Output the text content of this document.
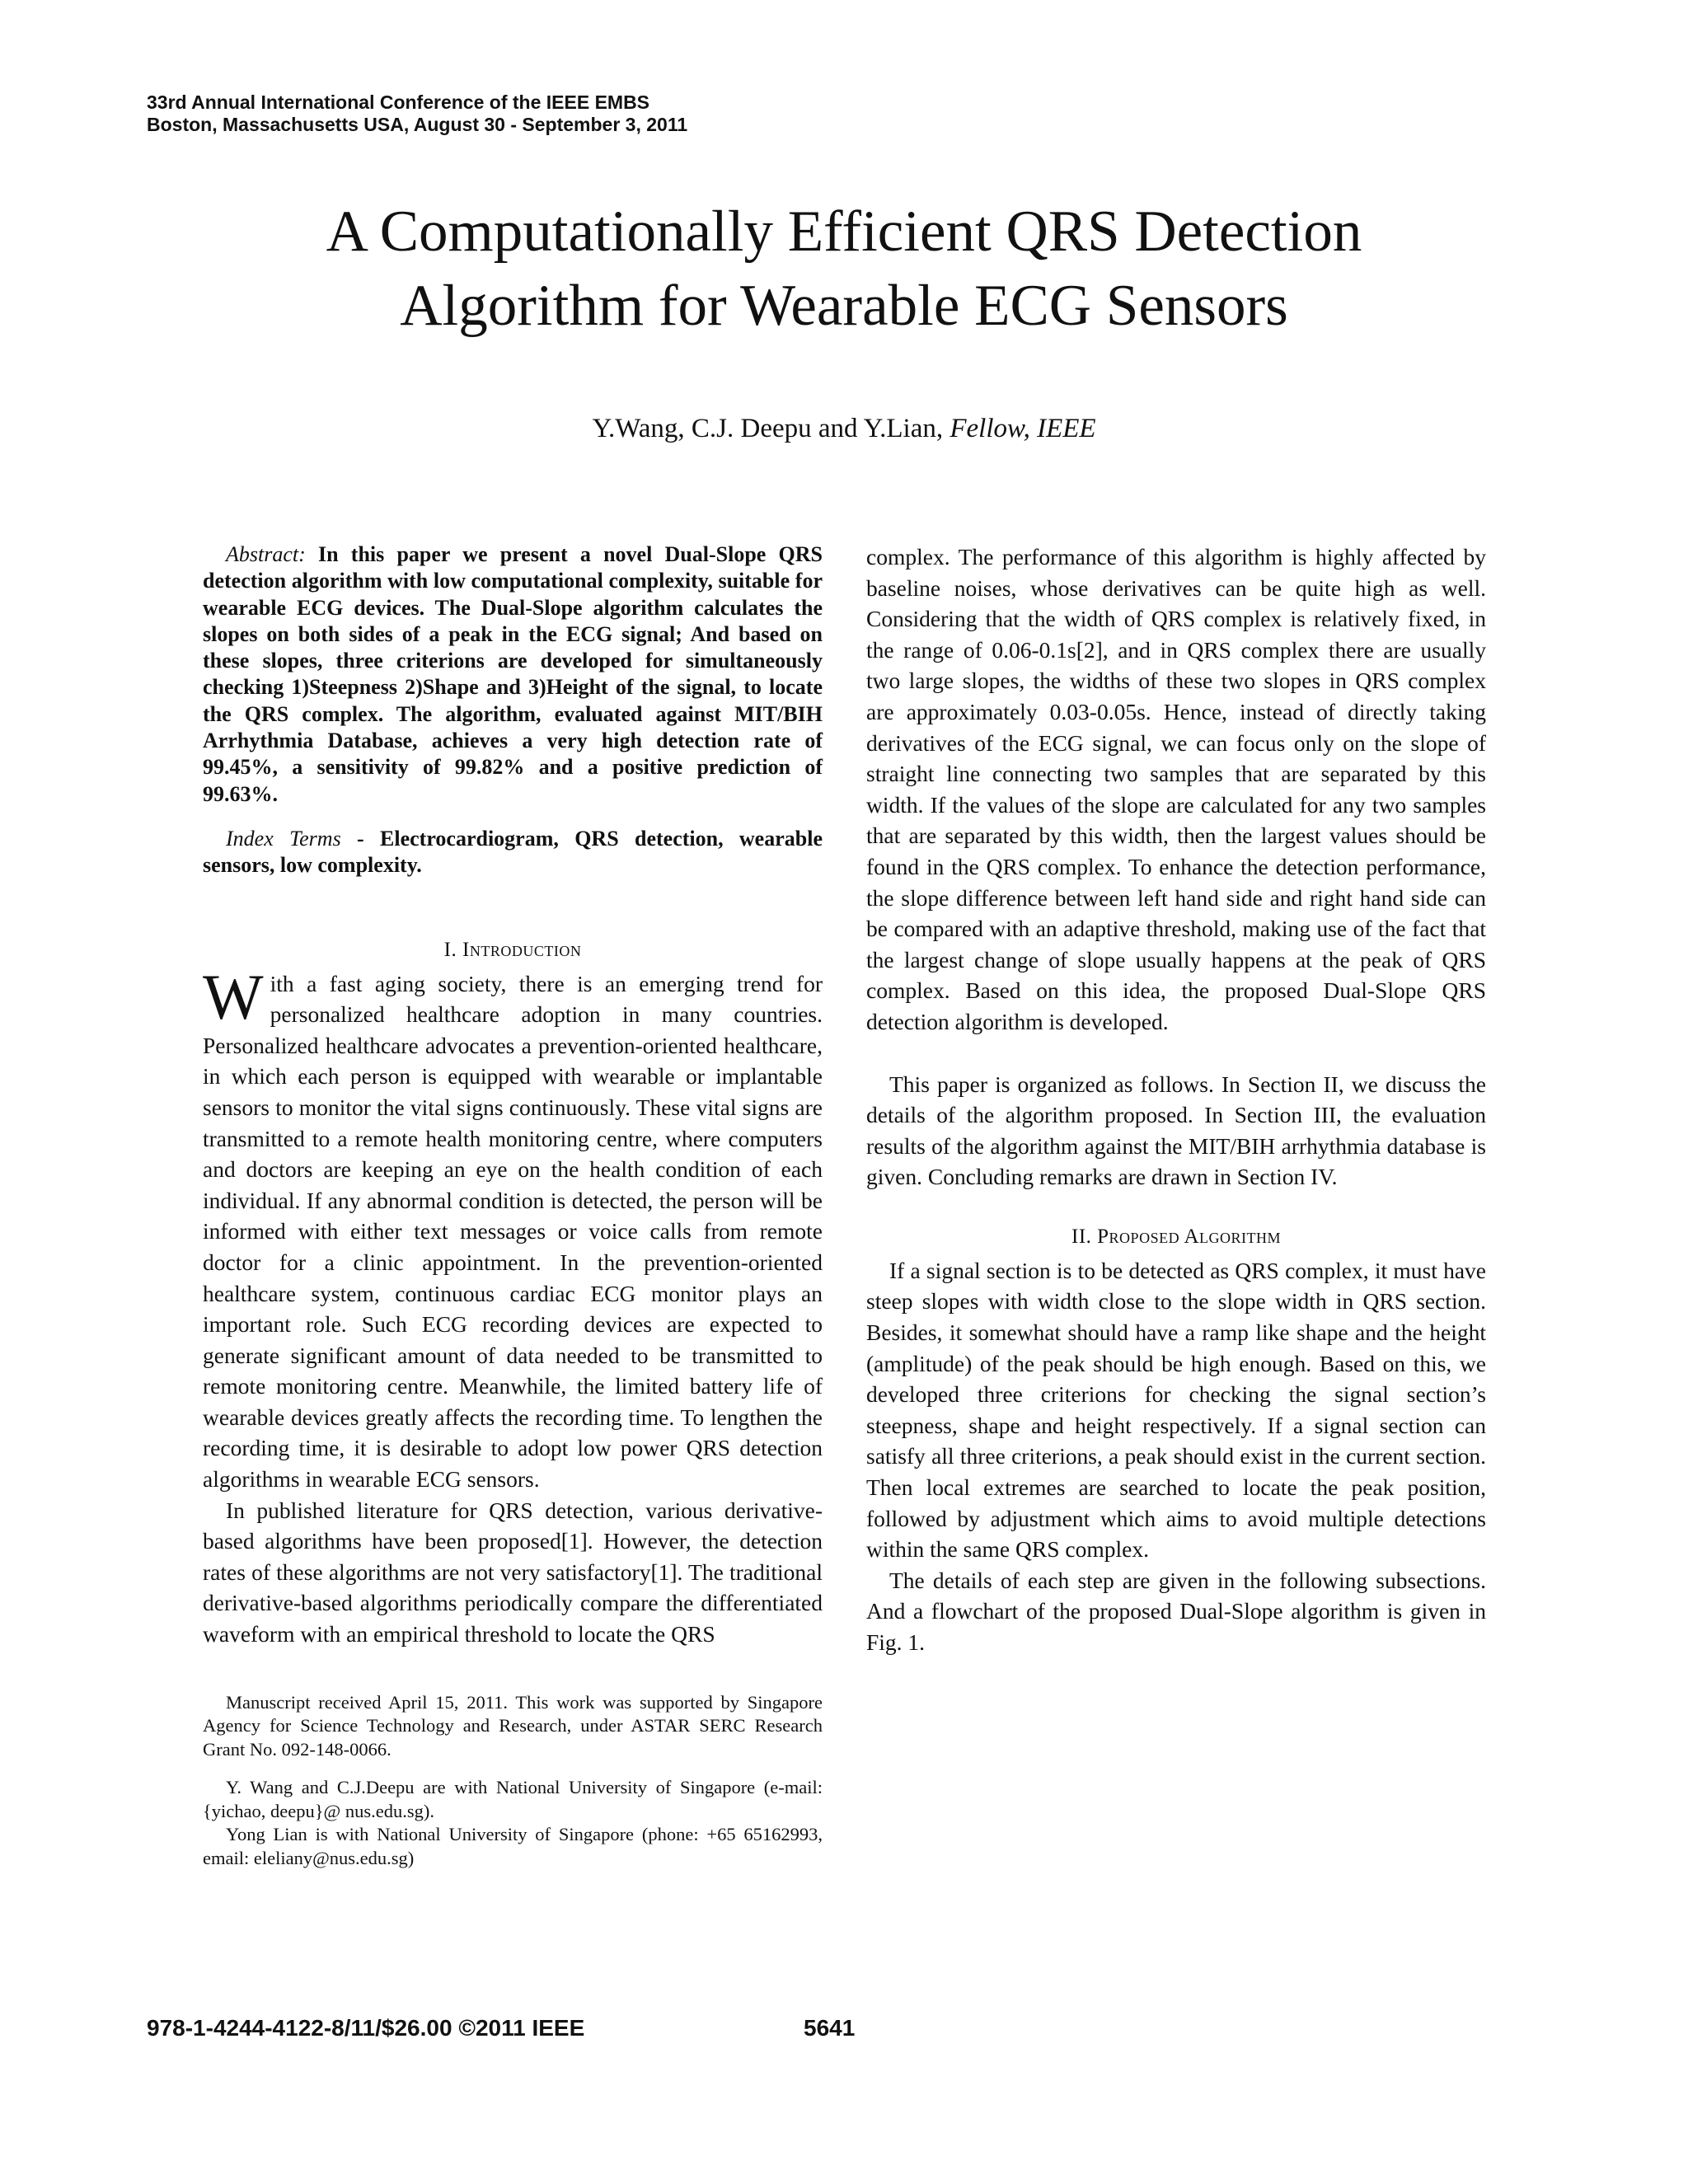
33rd Annual International Conference of the IEEE EMBS
Boston, Massachusetts USA, August 30 - September 3, 2011
A Computationally Efficient QRS Detection
Algorithm for Wearable ECG Sensors
Y.Wang, C.J. Deepu and Y.Lian, Fellow, IEEE

Abstract: In this paper we present a novel Dual-Slope QRS detection algorithm with low computational complexity, suitable for wearable ECG devices. The Dual-Slope algorithm calculates the slopes on both sides of a peak in the ECG signal; And based on these slopes, three criterions are developed for simultaneously checking 1)Steepness 2)Shape and 3)Height of the signal, to locate the QRS complex. The algorithm, evaluated against MIT/BIH Arrhythmia Database, achieves a very high detection rate of 99.45%, a sensitivity of 99.82% and a positive prediction of 99.63%.

Index Terms - Electrocardiogram, QRS detection, wearable sensors, low complexity.

I. Introduction

With a fast aging society, there is an emerging trend for personalized healthcare adoption in many countries. Personalized healthcare advocates a prevention-oriented healthcare, in which each person is equipped with wearable or implantable sensors to monitor the vital signs continuously. These vital signs are transmitted to a remote health monitoring centre, where computers and doctors are keeping an eye on the health condition of each individual. If any abnormal condition is detected, the person will be informed with either text messages or voice calls from remote doctor for a clinic appointment. In the prevention-oriented healthcare system, continuous cardiac ECG monitor plays an important role. Such ECG recording devices are expected to generate significant amount of data needed to be transmitted to remote monitoring centre. Meanwhile, the limited battery life of wearable devices greatly affects the recording time. To lengthen the recording time, it is desirable to adopt low power QRS detection algorithms in wearable ECG sensors.

In published literature for QRS detection, various derivative-based algorithms have been proposed[1]. However, the detection rates of these algorithms are not very satisfactory[1]. The traditional derivative-based algorithms periodically compare the differentiated waveform with an empirical threshold to locate the QRS

Manuscript received April 15, 2011. This work was supported by Singapore Agency for Science Technology and Research, under ASTAR SERC Research Grant No. 092-148-0066.

Y. Wang and C.J.Deepu are with National University of Singapore (e-mail: {yichao, deepu}@ nus.edu.sg).

Yong Lian is with National University of Singapore (phone: +65 65162993, email: eleliany@nus.edu.sg)

complex. The performance of this algorithm is highly affected by baseline noises, whose derivatives can be quite high as well. Considering that the width of QRS complex is relatively fixed, in the range of 0.06-0.1s[2], and in QRS complex there are usually two large slopes, the widths of these two slopes in QRS complex are approximately 0.03-0.05s. Hence, instead of directly taking derivatives of the ECG signal, we can focus only on the slope of straight line connecting two samples that are separated by this width. If the values of the slope are calculated for any two samples that are separated by this width, then the largest values should be found in the QRS complex. To enhance the detection performance, the slope difference between left hand side and right hand side can be compared with an adaptive threshold, making use of the fact that the largest change of slope usually happens at the peak of QRS complex. Based on this idea, the proposed Dual-Slope QRS detection algorithm is developed.

This paper is organized as follows. In Section II, we discuss the details of the algorithm proposed. In Section III, the evaluation results of the algorithm against the MIT/BIH arrhythmia database is given. Concluding remarks are drawn in Section IV.

II. Proposed Algorithm

If a signal section is to be detected as QRS complex, it must have steep slopes with width close to the slope width in QRS section. Besides, it somewhat should have a ramp like shape and the height (amplitude) of the peak should be high enough. Based on this, we developed three criterions for checking the signal section’s steepness, shape and height respectively. If a signal section can satisfy all three criterions, a peak should exist in the current section. Then local extremes are searched to locate the peak position, followed by adjustment which aims to avoid multiple detections within the same QRS complex.

The details of each step are given in the following subsections. And a flowchart of the proposed Dual-Slope algorithm is given in Fig. 1.

978-1-4244-4122-8/11/$26.00 ©2011 IEEE	5641
